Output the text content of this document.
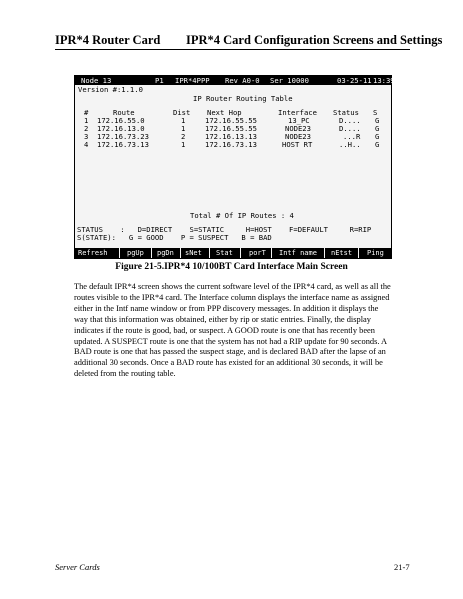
IPR*4 Router Card IPR*4 Card Configuration Screens and Settings

Node 13

	P1

IPR*4PPP

Rev A0-0

Ser 10000

	03-25-11

13:39

Version #:1.1.0
IP Router Routing Table
#	Route	Dist Next Hop	Interface Status S
1 172.16.55.0	1	172.16.55.55	13_PC	D.... G
2 172.16.13.0	1	172.16.55.55	NODE23	D.... G
3 172.16.73.23	2	172.16.13.13	NODE23	...R G
4 172.16.73.13	1	172.16.73.13	HOST RT	..H.. G
Total # Of IP Routes : 4
STATUS    :   D=DIRECT    S=STATIC     H=HOST    F=DEFAULT     R=RIP
S(STATE):   G = GOOD    P = SUSPECT   B = BAD
Refresh	pgUp pgDn sNet Stat porT Intf name nEtst Ping
Figure 21-5.IPR*4 10/100BT Card Interface Main Screen
The default IPR*4 screen shows the current software level of the IPR*4 card, as well as all the
routes visible to the IPR*4 card. The Interface column displays the interface name as assigned
either in the Intf name window or from PPP discovery messages. In addition it displays the
way that this information was obtained, either by rip or static entries. Finally, the display
indicates if the route is good, bad, or suspect. A GOOD route is one that has recently been
updated. A SUSPECT route is one that the system has not had a RIP update for 90 seconds. A
BAD route is one that has passed the suspect stage, and is declared BAD after the lapse of an
additional 30 seconds. Once a BAD route has existed for an additional 30 seconds, it will be
deleted from the routing table.
Server Cards	21-7
